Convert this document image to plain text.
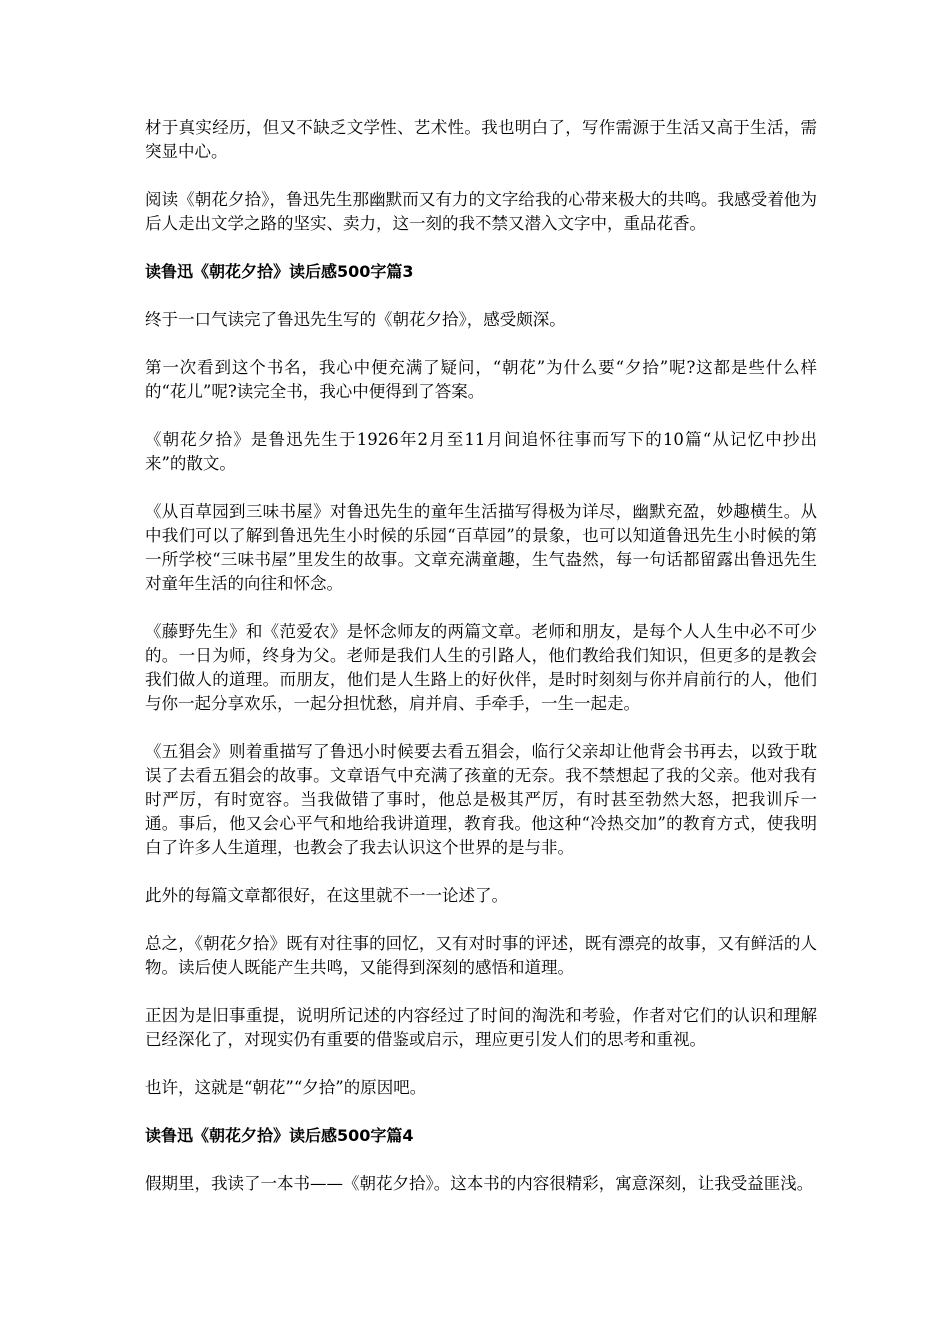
材于真实经历，但又不缺乏文学性、艺术性。我也明白了，写作需源于生活又高于生活，需突显中心。

阅读《朝花夕拾》，鲁迅先生那幽默而又有力的文字给我的心带来极大的共鸣。我感受着他为后人走出文学之路的坚实、卖力，这一刻的我不禁又潜入文字中，重品花香。

读鲁迅《朝花夕拾》读后感500字篇3

终于一口气读完了鲁迅先生写的《朝花夕拾》，感受颇深。

第一次看到这个书名，我心中便充满了疑问，“朝花”为什么要“夕拾”呢?这都是些什么样的“花儿”呢?读完全书，我心中便得到了答案。

《朝花夕拾》是鲁迅先生于1926年2月至11月间追怀往事而写下的10篇“从记忆中抄出来”的散文。

《从百草园到三味书屋》对鲁迅先生的童年生活描写得极为详尽，幽默充盈，妙趣横生。从中我们可以了解到鲁迅先生小时候的乐园“百草园”的景象，也可以知道鲁迅先生小时候的第一所学校“三味书屋”里发生的故事。文章充满童趣，生气盎然，每一句话都留露出鲁迅先生对童年生活的向往和怀念。

《藤野先生》和《范爱农》是怀念师友的两篇文章。老师和朋友，是每个人人生中必不可少的。一日为师，终身为父。老师是我们人生的引路人，他们教给我们知识，但更多的是教会我们做人的道理。而朋友，他们是人生路上的好伙伴，是时时刻刻与你并肩前行的人，他们与你一起分享欢乐，一起分担忧愁，肩并肩、手牵手，一生一起走。

《五猖会》则着重描写了鲁迅小时候要去看五猖会，临行父亲却让他背会书再去，以致于耽误了去看五猖会的故事。文章语气中充满了孩童的无奈。我不禁想起了我的父亲。他对我有时严厉，有时宽容。当我做错了事时，他总是极其严厉，有时甚至勃然大怒，把我训斥一通。事后，他又会心平气和地给我讲道理，教育我。他这种“冷热交加”的教育方式，使我明白了许多人生道理，也教会了我去认识这个世界的是与非。

此外的每篇文章都很好，在这里就不一一论述了。

总之，《朝花夕拾》既有对往事的回忆，又有对时事的评述，既有漂亮的故事，又有鲜活的人物。读后使人既能产生共鸣，又能得到深刻的感悟和道理。

正因为是旧事重提，说明所记述的内容经过了时间的淘洗和考验，作者对它们的认识和理解已经深化了，对现实仍有重要的借鉴或启示，理应更引发人们的思考和重视。

也许，这就是“朝花”“夕拾”的原因吧。

读鲁迅《朝花夕拾》读后感500字篇4

假期里，我读了一本书——《朝花夕拾》。这本书的内容很精彩，寓意深刻，让我受益匪浅。
